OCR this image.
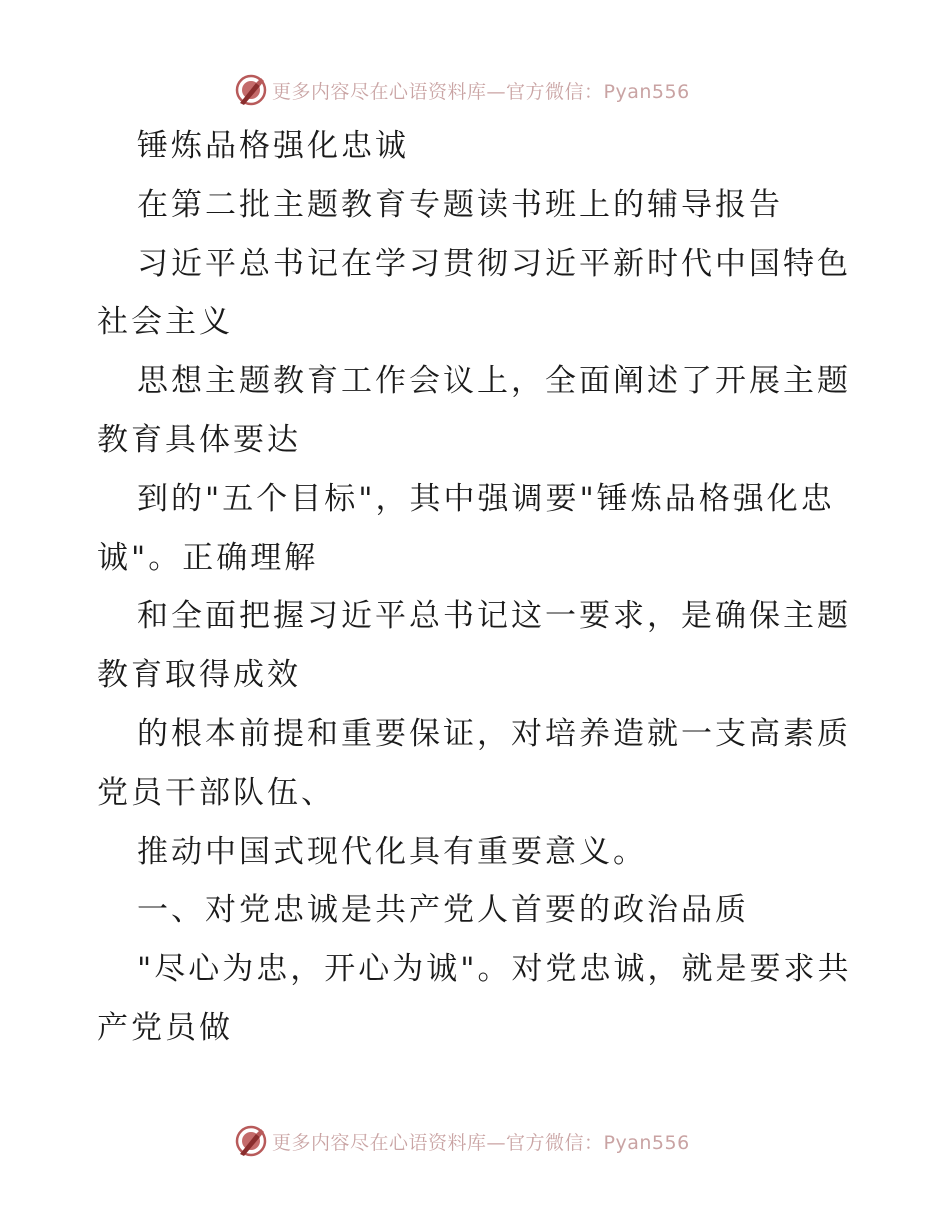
更多内容尽在心语资料库—官方微信：Pyan556
锤炼品格强化忠诚
在第二批主题教育专题读书班上的辅导报告
习近平总书记在学习贯彻习近平新时代中国特色
社会主义
思想主题教育工作会议上，全面阐述了开展主题
教育具体要达
到的"五个目标"，其中强调要"锤炼品格强化忠
诚"。正确理解
和全面把握习近平总书记这一要求，是确保主题
教育取得成效
的根本前提和重要保证，对培养造就一支高素质
党员干部队伍、
推动中国式现代化具有重要意义。
一、对党忠诚是共产党人首要的政治品质
"尽心为忠，开心为诚"。对党忠诚，就是要求共
产党员做
更多内容尽在心语资料库—官方微信：Pyan556
